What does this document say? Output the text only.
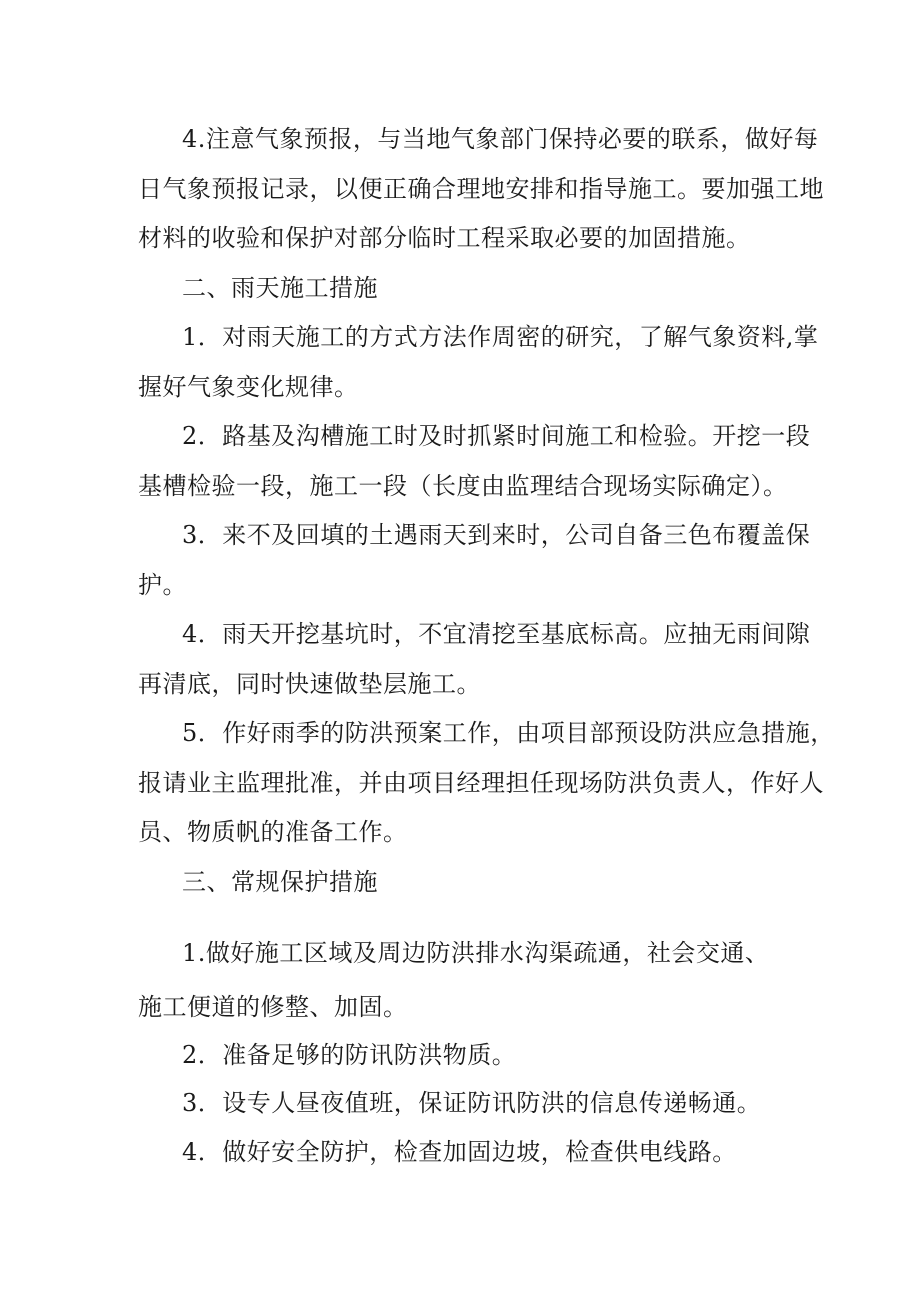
4.注意气象预报，与当地气象部门保持必要的联系，做好每
日气象预报记录，以便正确合理地安排和指导施工。要加强工地
材料的收验和保护对部分临时工程采取必要的加固措施。
二、雨天施工措施
1．对雨天施工的方式方法作周密的研究，了解气象资料,掌
握好气象变化规律。
2．路基及沟槽施工时及时抓紧时间施工和检验。开挖一段
基槽检验一段，施工一段（长度由监理结合现场实际确定）。
3．来不及回填的土遇雨天到来时，公司自备三色布覆盖保
护。
4．雨天开挖基坑时，不宜清挖至基底标高。应抽无雨间隙
再清底，同时快速做垫层施工。
5．作好雨季的防洪预案工作，由项目部预设防洪应急措施，
报请业主监理批准，并由项目经理担任现场防洪负责人，作好人
员、物质帆的准备工作。
三、常规保护措施
1.做好施工区域及周边防洪排水沟渠疏通，社会交通、
施工便道的修整、加固。
2．准备足够的防讯防洪物质。
3．设专人昼夜值班，保证防讯防洪的信息传递畅通。
4．做好安全防护，检查加固边坡，检查供电线路。
